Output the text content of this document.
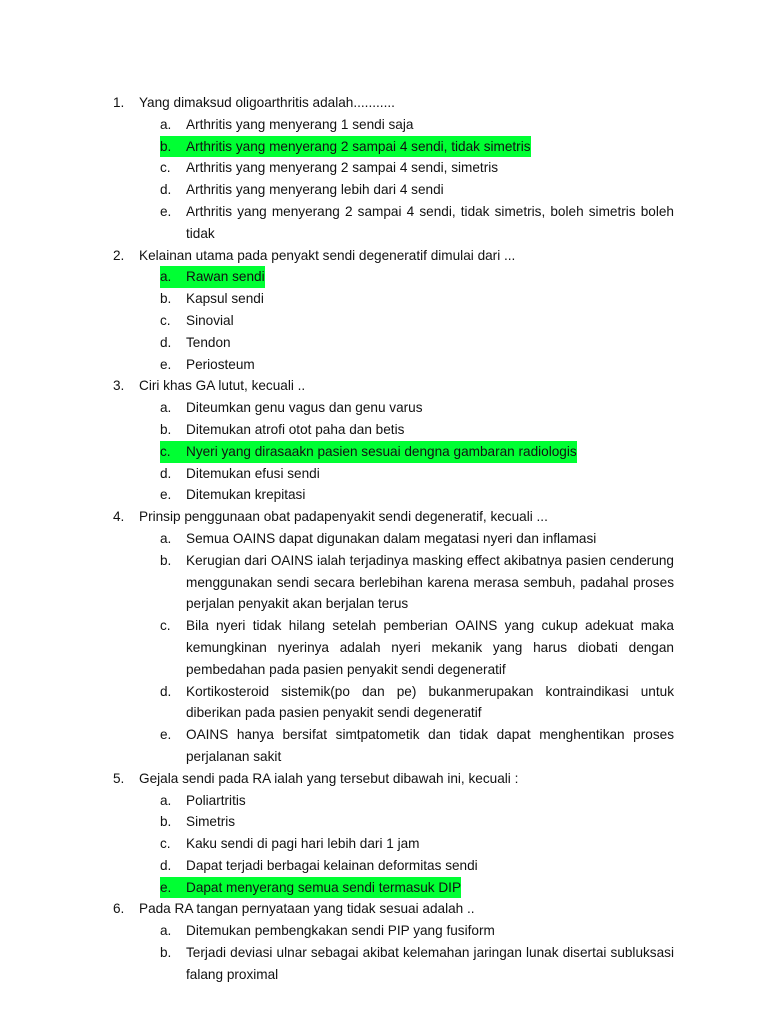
1.	Yang dimaksud oligoarthritis adalah...........
a.	Arthritis yang menyerang 1 sendi saja
b. Arthritis yang menyerang 2 sampai 4 sendi, tidak simetris
c.	Arthritis yang menyerang 2 sampai 4 sendi, simetris
d.	Arthritis yang menyerang lebih dari 4 sendi
e.	Arthritis yang menyerang 2 sampai 4 sendi, tidak simetris, boleh simetris boleh tidak
2.	Kelainan utama pada penyakt sendi degeneratif dimulai dari ...
a. Rawan sendi
b.	Kapsul sendi
c.	Sinovial
d.	Tendon
e.	Periosteum
3.	Ciri khas GA lutut, kecuali ..
a.	Diteumkan genu vagus dan genu varus
b.	Ditemukan atrofi otot paha dan betis
c. Nyeri yang dirasaakn pasien sesuai dengna gambaran radiologis
d.	Ditemukan efusi sendi
e.	Ditemukan krepitasi
4.	Prinsip penggunaan obat padapenyakit sendi degeneratif, kecuali ...
a.	Semua OAINS dapat digunakan dalam megatasi nyeri dan inflamasi
b.	Kerugian dari OAINS ialah terjadinya masking effect akibatnya pasien cenderung menggunakan sendi secara berlebihan karena merasa sembuh, padahal proses perjalan penyakit akan berjalan terus
c.	Bila nyeri tidak hilang setelah pemberian OAINS yang cukup adekuat maka kemungkinan nyerinya adalah nyeri mekanik yang harus diobati dengan pembedahan pada pasien penyakit sendi degeneratif
d.	Kortikosteroid sistemik(po dan pe) bukanmerupakan kontraindikasi untuk diberikan pada pasien penyakit sendi degeneratif
e.	OAINS hanya bersifat simtpatometik dan tidak dapat menghentikan proses perjalanan sakit
5.	Gejala sendi pada RA ialah yang tersebut dibawah ini, kecuali :
a.	Poliartritis
b.	Simetris
c.	Kaku sendi di pagi hari lebih dari 1 jam
d.	Dapat terjadi berbagai kelainan deformitas sendi
e. Dapat menyerang semua sendi termasuk DIP
6.	Pada RA tangan pernyataan yang tidak sesuai adalah ..
a.	Ditemukan pembengkakan sendi PIP yang fusiform
b.	Terjadi deviasi ulnar sebagai akibat kelemahan jaringan lunak disertai subluksasi falang proximal
